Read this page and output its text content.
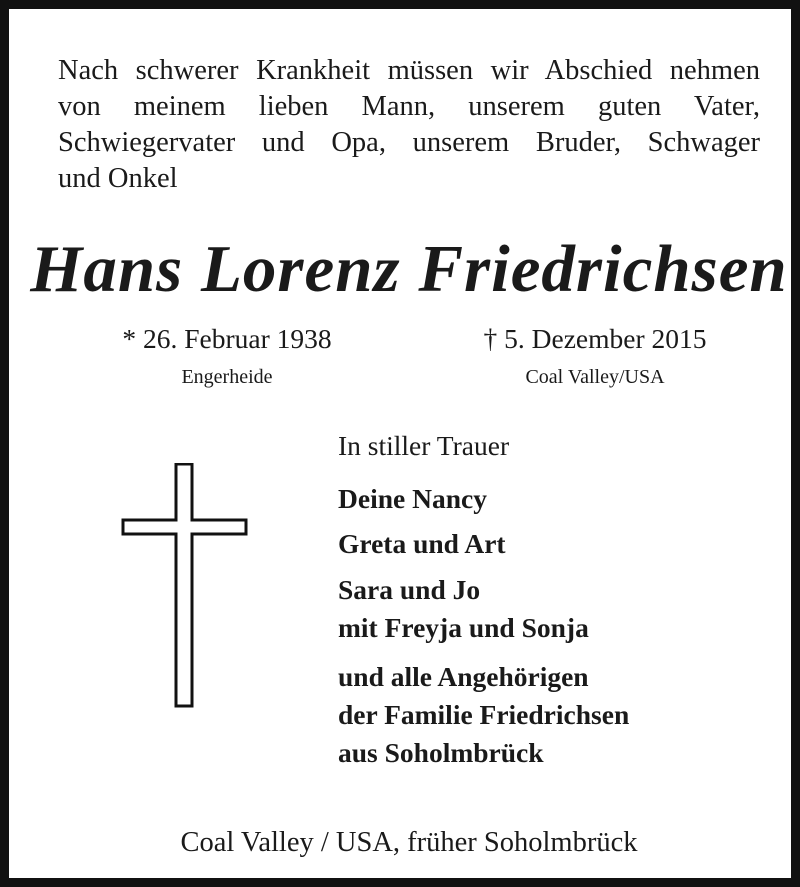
Nach schwerer Krankheit müssen wir Abschied nehmen
von meinem lieben Mann, unserem guten Vater,
Schwiegervater und Opa, unserem Bruder, Schwager
und Onkel
Hans Lorenz Friedrichsen
* 26. Februar 1938
Engerheide
† 5. Dezember 2015
Coal Valley/USA
In stiller Trauer
Deine Nancy
Greta und Art
Sara und Jo
mit Freyja und Sonja
und alle Angehörigen
der Familie Friedrichsen
aus Soholmbrück
Coal Valley / USA, früher Soholmbrück
